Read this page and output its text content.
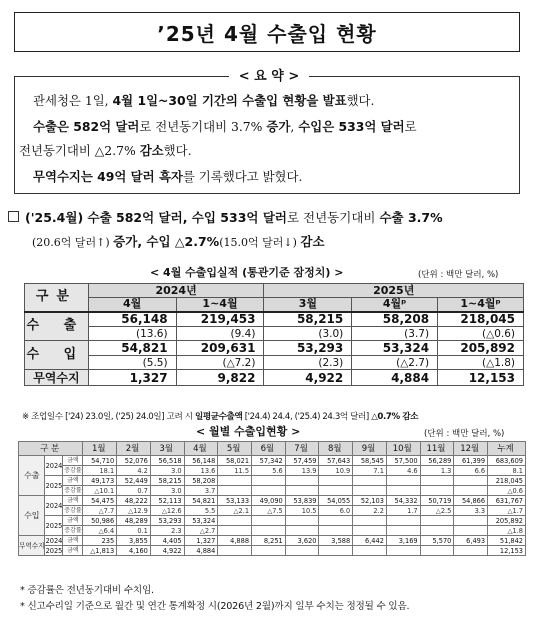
’25년 4월 수출입 현황
< 요 약 >
관세청은 1일, 4월 1일~30일 기간의 수출입 현황을 발표했다.
수출은 582억 달러로 전년동기대비 3.7% 증가, 수입은 533억 달러로
전년동기대비 △2.7% 감소했다.
무역수지는 49억 달러 흑자를 기록했다고 밝혔다.
('25.4월) 수출 582억 달러, 수입 533억 달러로 전년동기대비 수출 3.7%
(20.6억 달러↑) 증가, 수입 △2.7%(15.0억 달러↓) 감소
< 4월 수출입실적 (통관기준 잠정치) >	(단위 : 백만 달러, %)
구분	2024년		2025년		
	4월	1~4월	3월	4월ᵖ	1~4월ᵖ
수 출	56,148	219,453	58,215	58,208	218,045
	(13.6)	(9.4)	(3.0)	(3.7)	(△0.6)
수 입	54,821	209,631	53,293	53,324	205,892
	(5.5)	(△7.2)	(2.3)	(△2.7)	(△1.8)
무역수지	1,327	9,822	4,922	4,884	12,153
※ 조업일수 ['24) 23.0일, ('25) 24.0일] 고려 시 일평균수출액 ['24.4) 24.4, ('25.4) 24.3억 달러] △0.7% 감소
< 월별 수출입현황 >	(단위 : 백만 달러, %)
구 분			1월	2월	3월	4월	5월	6월	7월	8월	9월	10월	11월	12월	누계
수출	2024	금액	54,710	52,076	56,518	56,148	58,021	57,342	57,459	57,643	58,545	57,500	56,289	61,399	683,609
		증감률	18.1	4.2	3.0	13.6	11.5	5.6	13.9	10.9	7.1	4.6	1.3	6.6	8.1
	2025	금액	49,173	52,449	58,215	58,208									218,045
		증감률	△10.1	0.7	3.0	3.7									△0.6
수입	2024	금액	54,475	48,222	52,113	54,821	53,133	49,090	53,839	54,055	52,103	54,332	50,719	54,866	631,767
		증감률	△7.7	△12.9	△12.6	5.5	△2.1	△7.5	10.5	6.0	2.2	1.7	△2.5	3.3	△1.7
	2025	금액	50,986	48,289	53,293	53,324									205,892
		증감률	△6.4	0.1	2.3	△2.7									△1.8
무역수지	2024	금액	235	3,855	4,405	1,327	4,888	8,251	3,620	3,588	6,442	3,169	5,570	6,493	51,842
	2025	금액	△1,813	4,160	4,922	4,884									12,153
* 증감률은 전년동기대비 수치임.
* 신고수리일 기준으로 월간 및 연간 통계확정 시(2026년 2월)까지 일부 수치는 정정될 수 있음.
